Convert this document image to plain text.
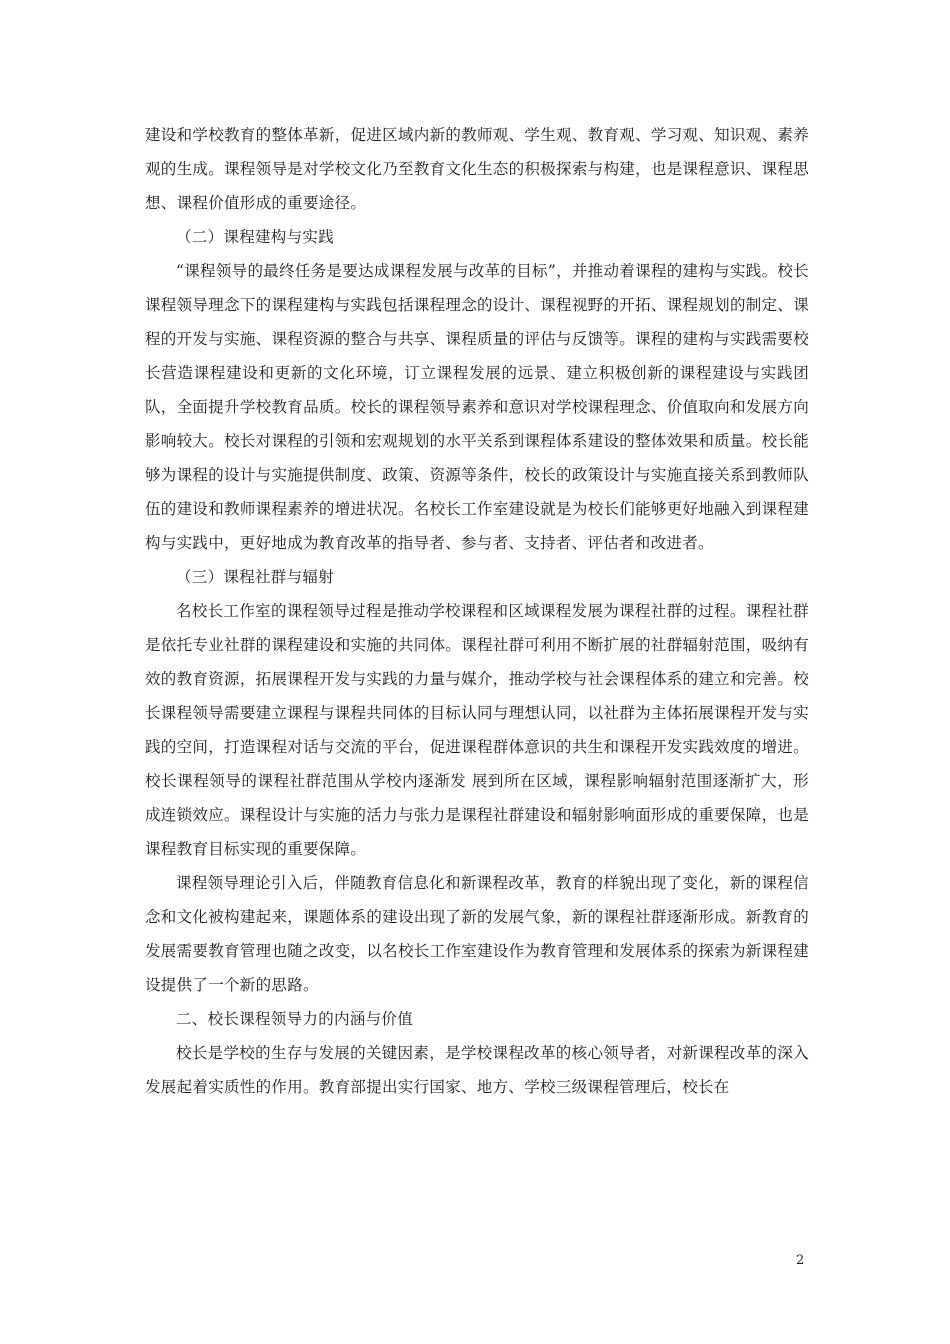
建设和学校教育的整体革新，促进区域内新的教师观、学生观、教育观、学习观、知识观、素养观的生成。课程领导是对学校文化乃至教育文化生态的积极探索与构建，也是课程意识、课程思想、课程价值形成的重要途径。

（二）课程建构与实践

“课程领导的最终任务是要达成课程发展与改革的目标”，并推动着课程的建构与实践。校长课程领导理念下的课程建构与实践包括课程理念的设计、课程视野的开拓、课程规划的制定、课程的开发与实施、课程资源的整合与共享、课程质量的评估与反馈等。课程的建构与实践需要校长营造课程建设和更新的文化环境，订立课程发展的远景、建立积极创新的课程建设与实践团队，全面提升学校教育品质。校长的课程领导素养和意识对学校课程理念、价值取向和发展方向影响较大。校长对课程的引领和宏观规划的水平关系到课程体系建设的整体效果和质量。校长能够为课程的设计与实施提供制度、政策、资源等条件，校长的政策设计与实施直接关系到教师队伍的建设和教师课程素养的增进状况。名校长工作室建设就是为校长们能够更好地融入到课程建构与实践中，更好地成为教育改革的指导者、参与者、支持者、评估者和改进者。

（三）课程社群与辐射

名校长工作室的课程领导过程是推动学校课程和区域课程发展为课程社群的过程。课程社群是依托专业社群的课程建设和实施的共同体。课程社群可利用不断扩展的社群辐射范围，吸纳有效的教育资源，拓展课程开发与实践的力量与媒介，推动学校与社会课程体系的建立和完善。校长课程领导需要建立课程与课程共同体的目标认同与理想认同，以社群为主体拓展课程开发与实践的空间，打造课程对话与交流的平台，促进课程群体意识的共生和课程开发实践效度的增进。校长课程领导的课程社群范围从学校内逐渐发 展到所在区域，课程影响辐射范围逐渐扩大，形成连锁效应。课程设计与实施的活力与张力是课程社群建设和辐射影响面形成的重要保障，也是课程教育目标实现的重要保障。

课程领导理论引入后，伴随教育信息化和新课程改革，教育的样貌出现了变化，新的课程信念和文化被构建起来，课题体系的建设出现了新的发展气象，新的课程社群逐渐形成。新教育的发展需要教育管理也随之改变，以名校长工作室建设作为教育管理和发展体系的探索为新课程建设提供了一个新的思路。

二、校长课程领导力的内涵与价值

校长是学校的生存与发展的关键因素，是学校课程改革的核心领导者，对新课程改革的深入发展起着实质性的作用。教育部提出实行国家、地方、学校三级课程管理后，校长在

2
